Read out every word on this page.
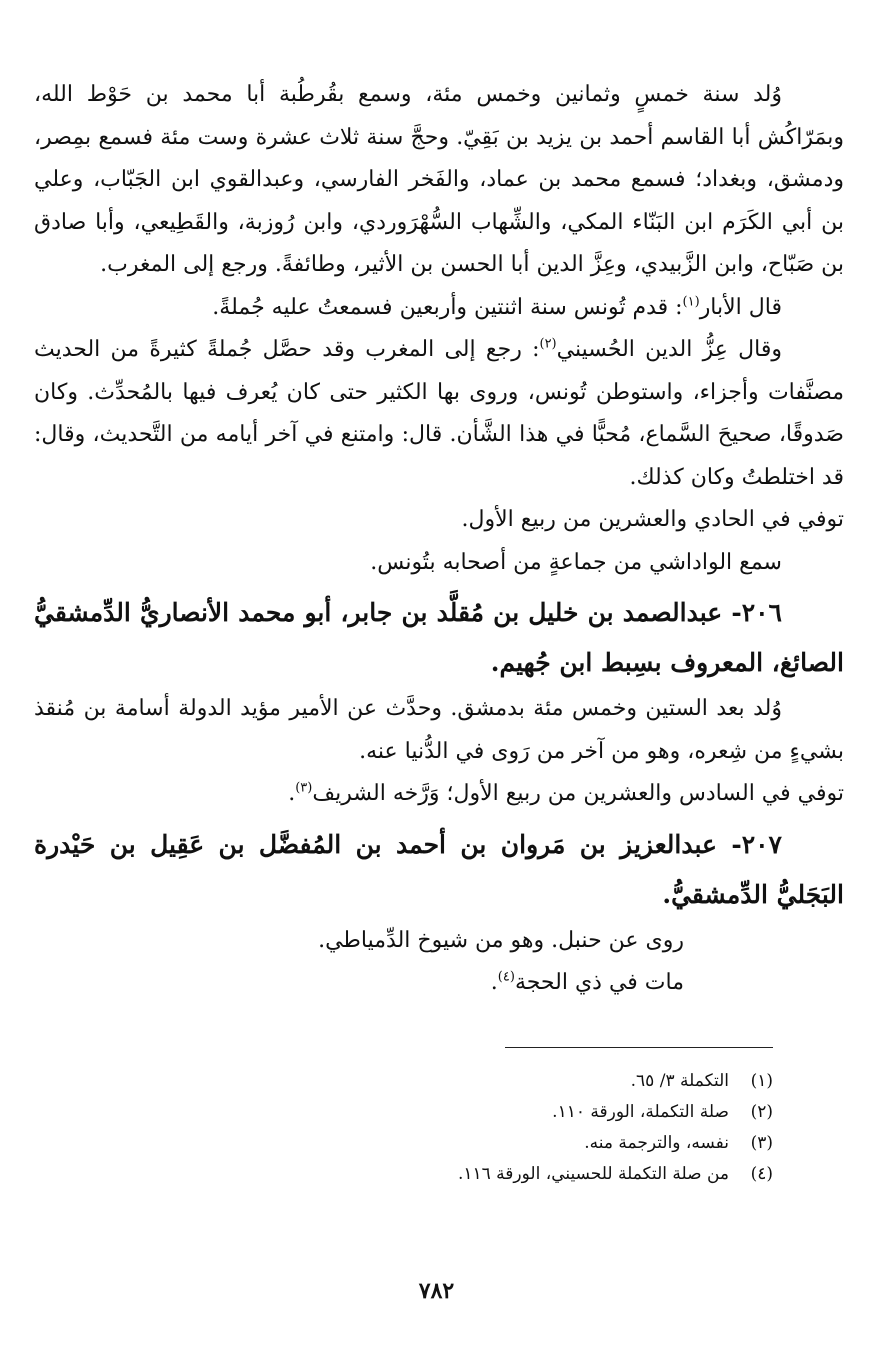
وُلد سنة خمسٍ وثمانين وخمس مئة، وسمع بقُرطُبة أبا محمد بن حَوْط الله، وبمَرّاكُش أبا القاسم أحمد بن يزيد بن بَقِيّ. وحجَّ سنة ثلاث عشرة وست مئة فسمع بمِصر، ودمشق، وبغداد؛ فسمع محمد بن عماد، والفَخر الفارسي، وعبدالقوي ابن الجَبّاب، وعلي بن أبي الكَرَم ابن البَنّاء المكي، والشِّهاب السُّهْرَوردي، وابن رُوزبة، والقَطِيعي، وأبا صادق بن صَبّاح، وابن الزَّبيدي، وعِزَّ الدين أبا الحسن بن الأثير، وطائفةً. ورجع إلى المغرب.

قال الأبار$^{(١)}$: قدم تُونس سنة اثنتين وأربعين فسمعتُ عليه جُملةً.

وقال عِزُّ الدين الحُسيني$^{(٢)}$: رجع إلى المغرب وقد حصَّل جُملةً كثيرةً من الحديث مصنَّفات وأجزاء، واستوطن تُونس، وروى بها الكثير حتى كان يُعرف فيها بالمُحدِّث. وكان صَدوقًا، صحيحَ السَّماع، مُحبًّا في هذا الشَّأن. قال: وامتنع في آخر أيامه من التَّحديث، وقال: قد اختلطتُ وكان كذلك.

توفي في الحادي والعشرين من ربيع الأول.

سمع الواداشي من جماعةٍ من أصحابه بتُونس.

٢٠٦- عبدالصمد بن خليل بن مُقلَّد بن جابر، أبو محمد الأنصاريُّ الدِّمشقيُّ الصائغ، المعروف بسِبط ابن جُهيم.

وُلد بعد الستين وخمس مئة بدمشق. وحدَّث عن الأمير مؤيد الدولة أسامة بن مُنقذ بشيءٍ من شِعره، وهو من آخر من رَوى في الدُّنيا عنه.

توفي في السادس والعشرين من ربيع الأول؛ وَرَّخه الشريف$^{(٣)}$.

٢٠٧- عبدالعزيز بن مَروان بن أحمد بن المُفضَّل بن عَقِيل بن حَيْدرة البَجَليُّ الدِّمشقيُّ.

روى عن حنبل. وهو من شيوخ الدِّمياطي.

مات في ذي الحجة$^{(٤)}$.

(١)
التكملة ٣/ ٦٥.
(٢)
صلة التكملة، الورقة ١١٠.
(٣)
نفسه، والترجمة منه.
(٤)
من صلة التكملة للحسيني، الورقة ١١٦.
٧٨٢
